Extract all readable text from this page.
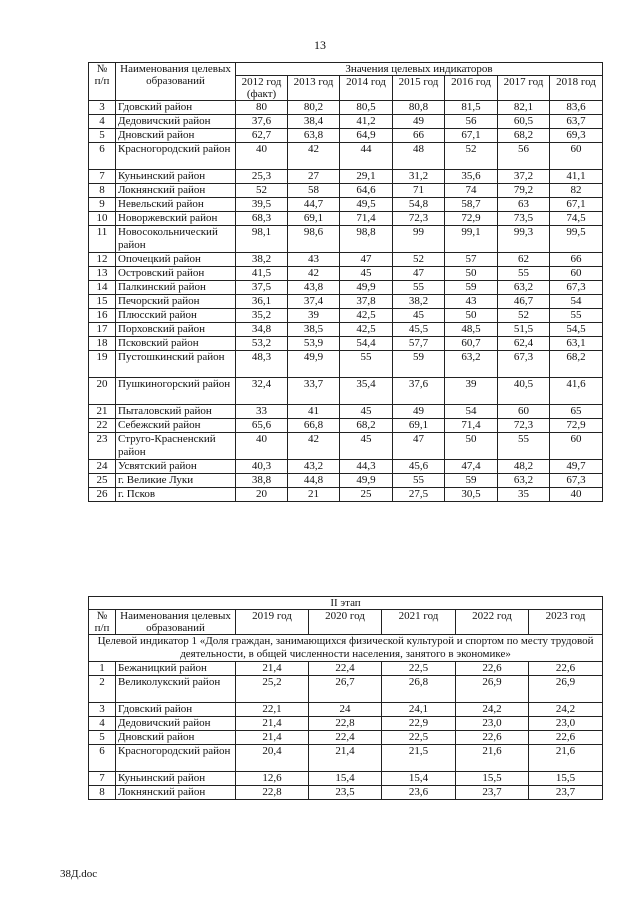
13
№ п/п	Наименования целевых образований	Значения целевых индикаторов						
		2012 год (факт)	2013 год	2014 год	2015 год	2016 год	2017 год	2018 год
3	Гдовский район	80	80,2	80,5	80,8	81,5	82,1	83,6
4	Дедовичский район	37,6	38,4	41,2	49	56	60,5	63,7
5	Дновский район	62,7	63,8	64,9	66	67,1	68,2	69,3
6	Красногородский район	40	42	44	48	52	56	60
7	Куньинский район	25,3	27	29,1	31,2	35,6	37,2	41,1
8	Локнянский район	52	58	64,6	71	74	79,2	82
9	Невельский район	39,5	44,7	49,5	54,8	58,7	63	67,1
10	Новоржевский район	68,3	69,1	71,4	72,3	72,9	73,5	74,5
11	Новосокольнический район	98,1	98,6	98,8	99	99,1	99,3	99,5
12	Опочецкий район	38,2	43	47	52	57	62	66
13	Островский район	41,5	42	45	47	50	55	60
14	Палкинский район	37,5	43,8	49,9	55	59	63,2	67,3
15	Печорский район	36,1	37,4	37,8	38,2	43	46,7	54
16	Плюсский район	35,2	39	42,5	45	50	52	55
17	Порховский район	34,8	38,5	42,5	45,5	48,5	51,5	54,5
18	Псковский район	53,2	53,9	54,4	57,7	60,7	62,4	63,1
19	Пустошкинский район	48,3	49,9	55	59	63,2	67,3	68,2
20	Пушкиногорский район	32,4	33,7	35,4	37,6	39	40,5	41,6
21	Пыталовский район	33	41	45	49	54	60	65
22	Себежский район	65,6	66,8	68,2	69,1	71,4	72,3	72,9
23	Струго-Красненский район	40	42	45	47	50	55	60
24	Усвятский район	40,3	43,2	44,3	45,6	47,4	48,2	49,7
25	г. Великие Луки	38,8	44,8	49,9	55	59	63,2	67,3
26	г. Псков	20	21	25	27,5	30,5	35	40
II этап						
№ п/п	Наименования целевых образований	2019 год	2020 год	2021 год	2022 год	2023 год
Целевой индикатор 1 «Доля граждан, занимающихся физической культурой и спортом по месту трудовой деятельности, в общей численности населения, занятого в экономике»						
1	Бежаницкий район	21,4	22,4	22,5	22,6	22,6
2	Великолукский район	25,2	26,7	26,8	26,9	26,9
3	Гдовский район	22,1	24	24,1	24,2	24,2
4	Дедовичский район	21,4	22,8	22,9	23,0	23,0
5	Дновский район	21,4	22,4	22,5	22,6	22,6
6	Красногородский район	20,4	21,4	21,5	21,6	21,6
7	Куньинский район	12,6	15,4	15,4	15,5	15,5
8	Локнянский район	22,8	23,5	23,6	23,7	23,7
38Д.doc
